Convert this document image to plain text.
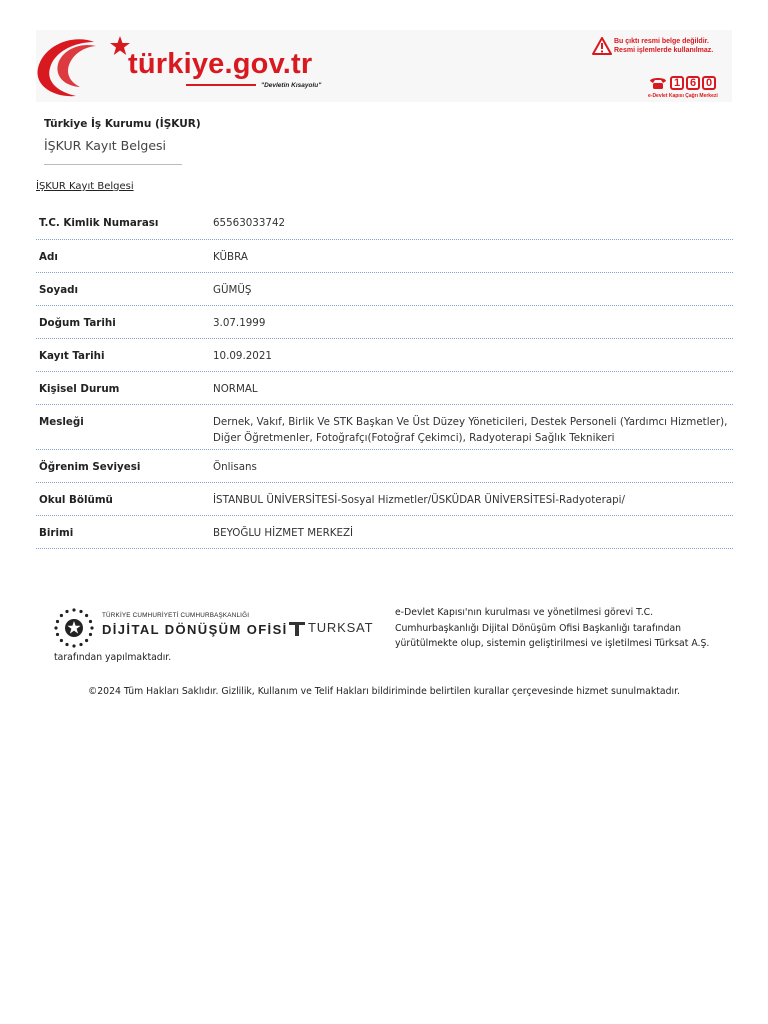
türkiye.gov.tr
"Devletin Kısayolu"
Bu çıktı resmi belge değildir.
Resmi işlemlerde kullanılmaz.
1 6 0
e-Devlet Kapısı Çağrı Merkezi
Türkiye İş Kurumu (İŞKUR)
İŞKUR Kayıt Belgesi
İŞKUR Kayıt Belgesi
T.C. Kimlik Numarası	65563033742
Adı	KÜBRA
Soyadı	GÜMÜŞ
Doğum Tarihi	3.07.1999
Kayıt Tarihi	10.09.2021
Kişisel Durum	NORMAL
Mesleği	Dernek, Vakıf, Birlik Ve STK Başkan Ve Üst Düzey Yöneticileri, Destek Personeli (Yardımcı Hizmetler), Diğer Öğretmenler, Fotoğrafçı(Fotoğraf Çekimci), Radyoterapi Sağlık Teknikeri
Öğrenim Seviyesi	Önlisans
Okul Bölümü	İSTANBUL ÜNİVERSİTESİ-Sosyal Hizmetler/ÜSKÜDAR ÜNİVERSİTESİ-Radyoterapi/
Birimi	BEYOĞLU HİZMET MERKEZİ
TÜRKİYE CUMHURİYETİ CUMHURBAŞKANLIĞI
DİJİTAL DÖNÜŞÜM OFİSİ TURKSAT
e-Devlet Kapısı'nın kurulması ve yönetilmesi görevi T.C. Cumhurbaşkanlığı Dijital Dönüşüm Ofisi Başkanlığı tarafından yürütülmekte olup, sistemin geliştirilmesi ve işletilmesi Türksat A.Ş.
tarafından yapılmaktadır.
©2024 Tüm Hakları Saklıdır. Gizlilik, Kullanım ve Telif Hakları bildiriminde belirtilen kurallar çerçevesinde hizmet sunulmaktadır.
